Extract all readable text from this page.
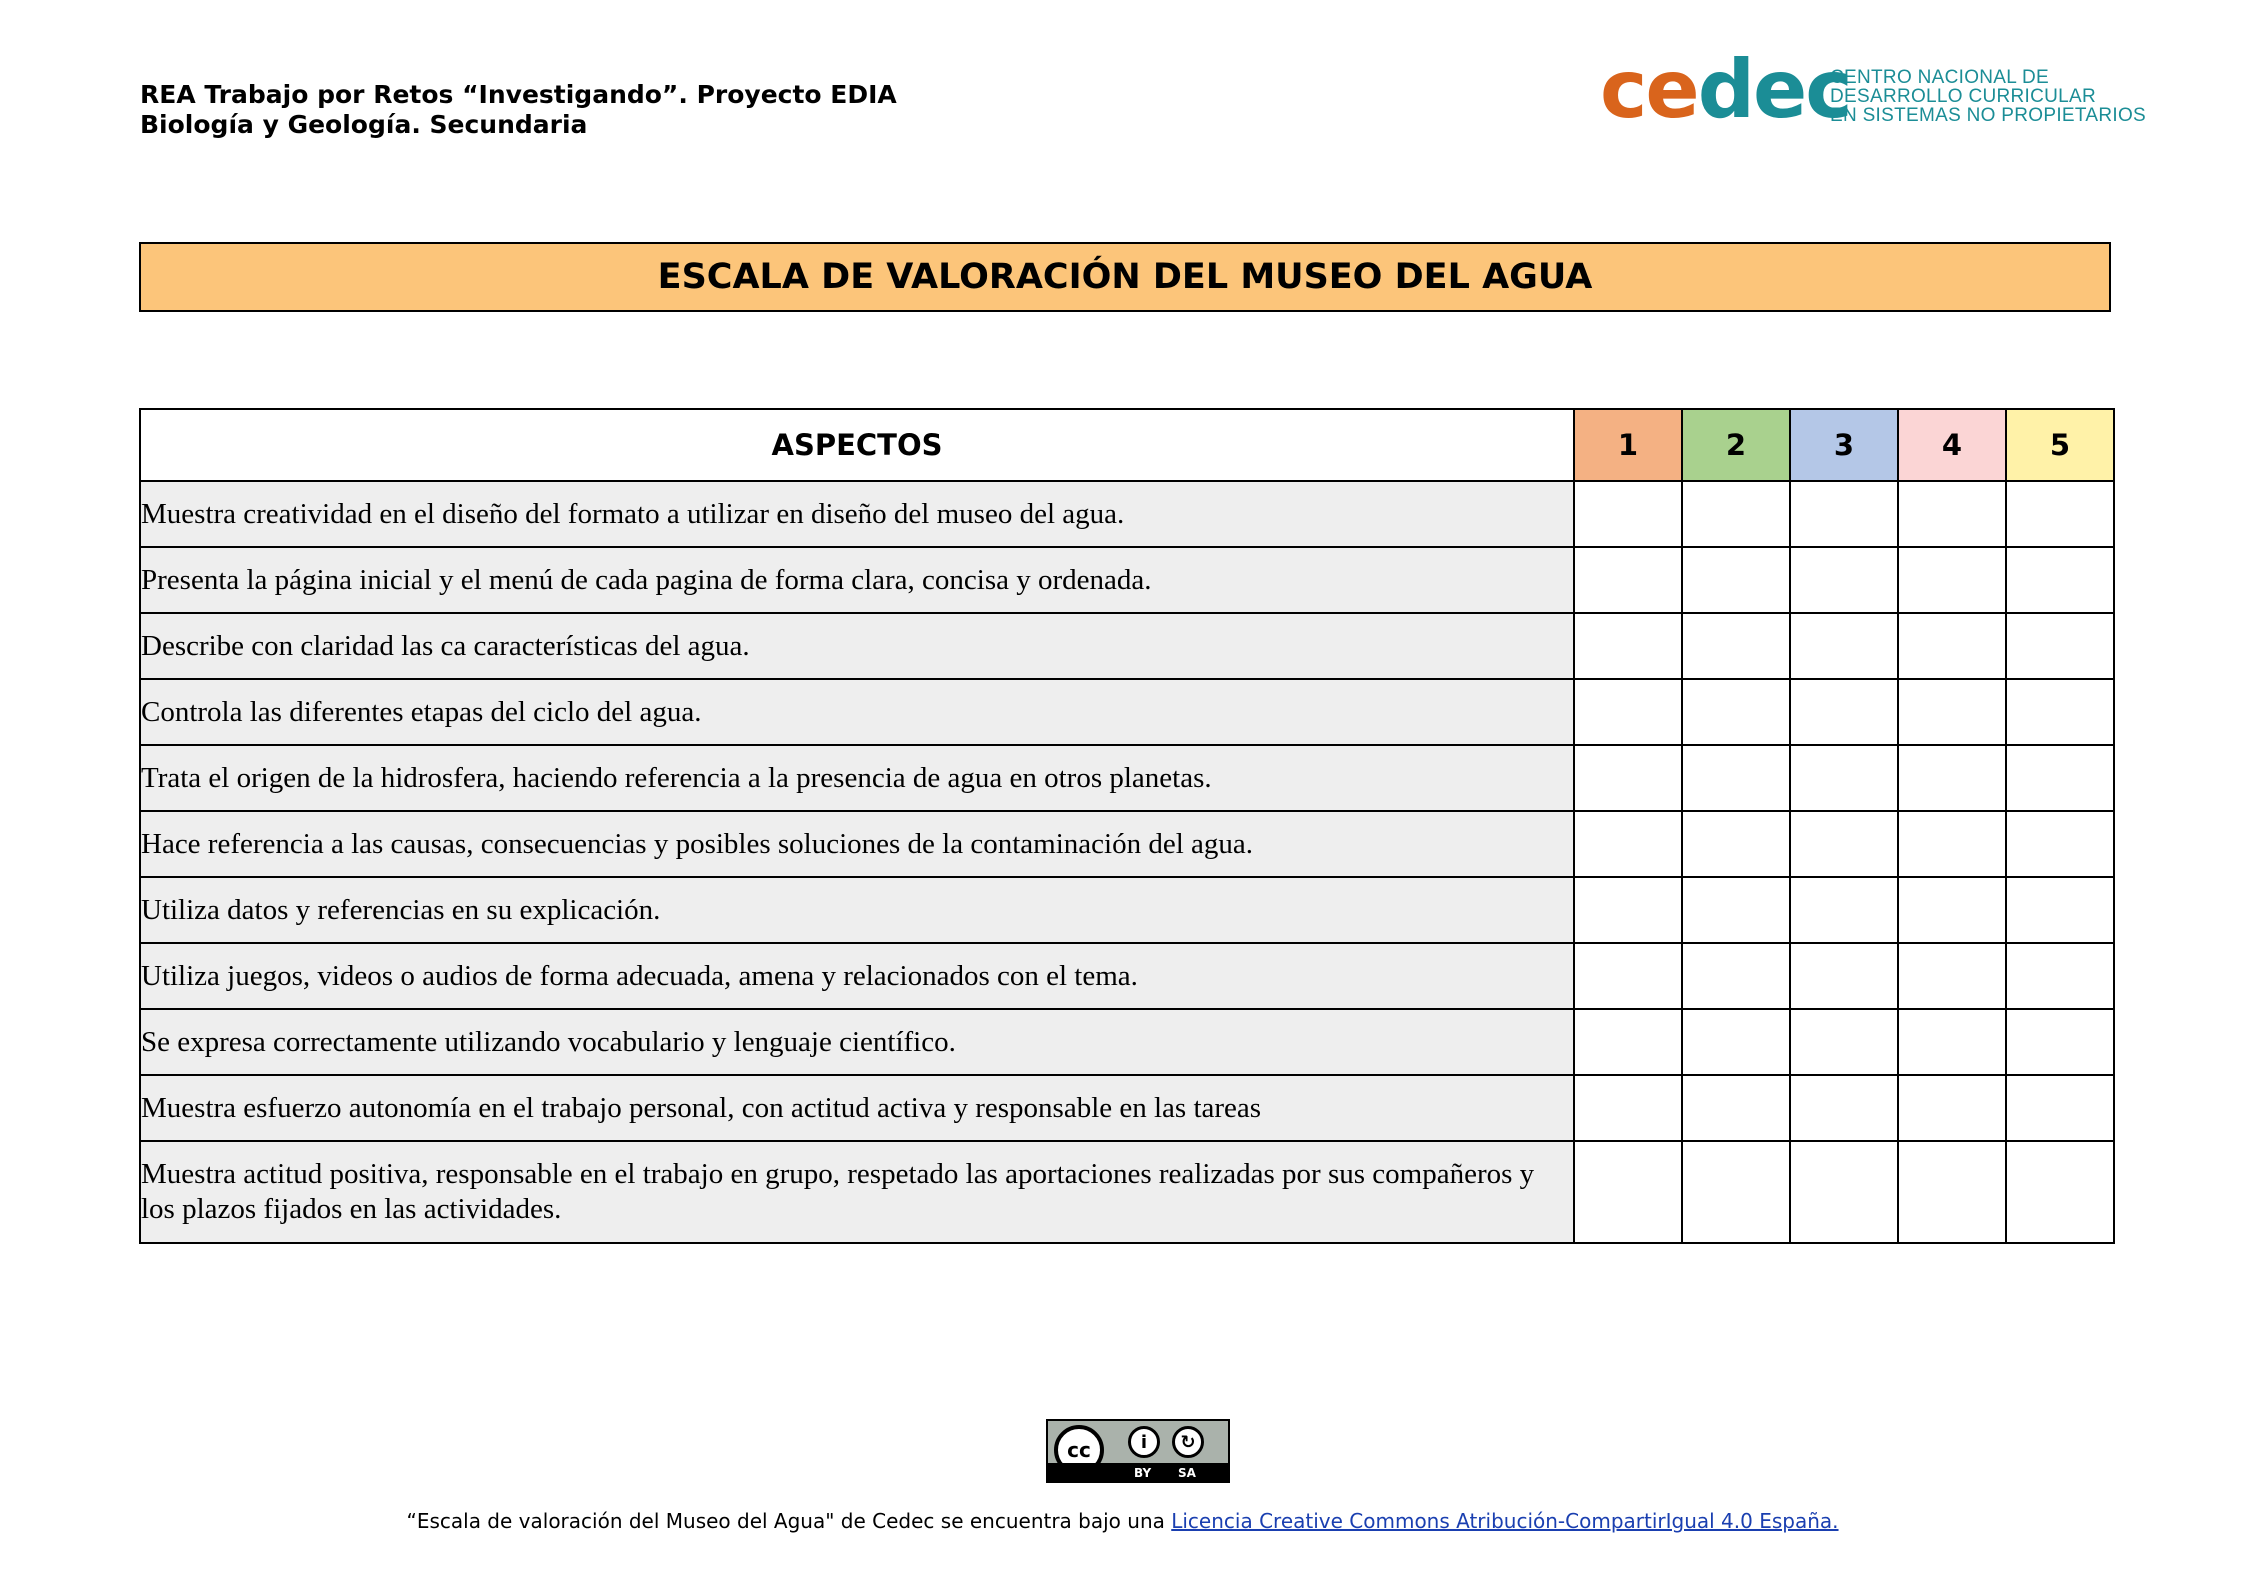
REA Trabajo por Retos “Investigando”. Proyecto EDIA
Biología y Geología. Secundaria	cedec
CENTRO NACIONAL DE
DESARROLLO CURRICULAR
EN SISTEMAS NO PROPIETARIOS
ESCALA DE VALORACIÓN DEL MUSEO DEL AGUA
ASPECTOS	1	2	3	4	5
Muestra creatividad en el diseño del formato a utilizar en diseño del museo del agua.					
Presenta la página inicial y el menú de cada pagina de forma clara, concisa y ordenada.					
Describe con claridad las ca características del agua.					
Controla las diferentes etapas del ciclo del agua.					
Trata el origen de la hidrosfera, haciendo referencia a la presencia de agua en otros planetas.					
Hace referencia a las causas, consecuencias y posibles soluciones de la contaminación del agua.					
Utiliza datos y referencias en su explicación.					
Utiliza juegos, videos o audios de forma adecuada, amena y relacionados con el tema.					
Se expresa correctamente utilizando vocabulario y lenguaje científico.					
Muestra esfuerzo autonomía en el trabajo personal, con actitud activa y responsable en las tareas					
Muestra actitud positiva, responsable en el trabajo en grupo, respetado las aportaciones realizadas por sus compañeros y los plazos fijados en las actividades.					
cc	i	↻
BY SA
“Escala de valoración del Museo del Agua" de Cedec se encuentra bajo una Licencia Creative Commons Atribución-CompartirIgual 4.0 España.
